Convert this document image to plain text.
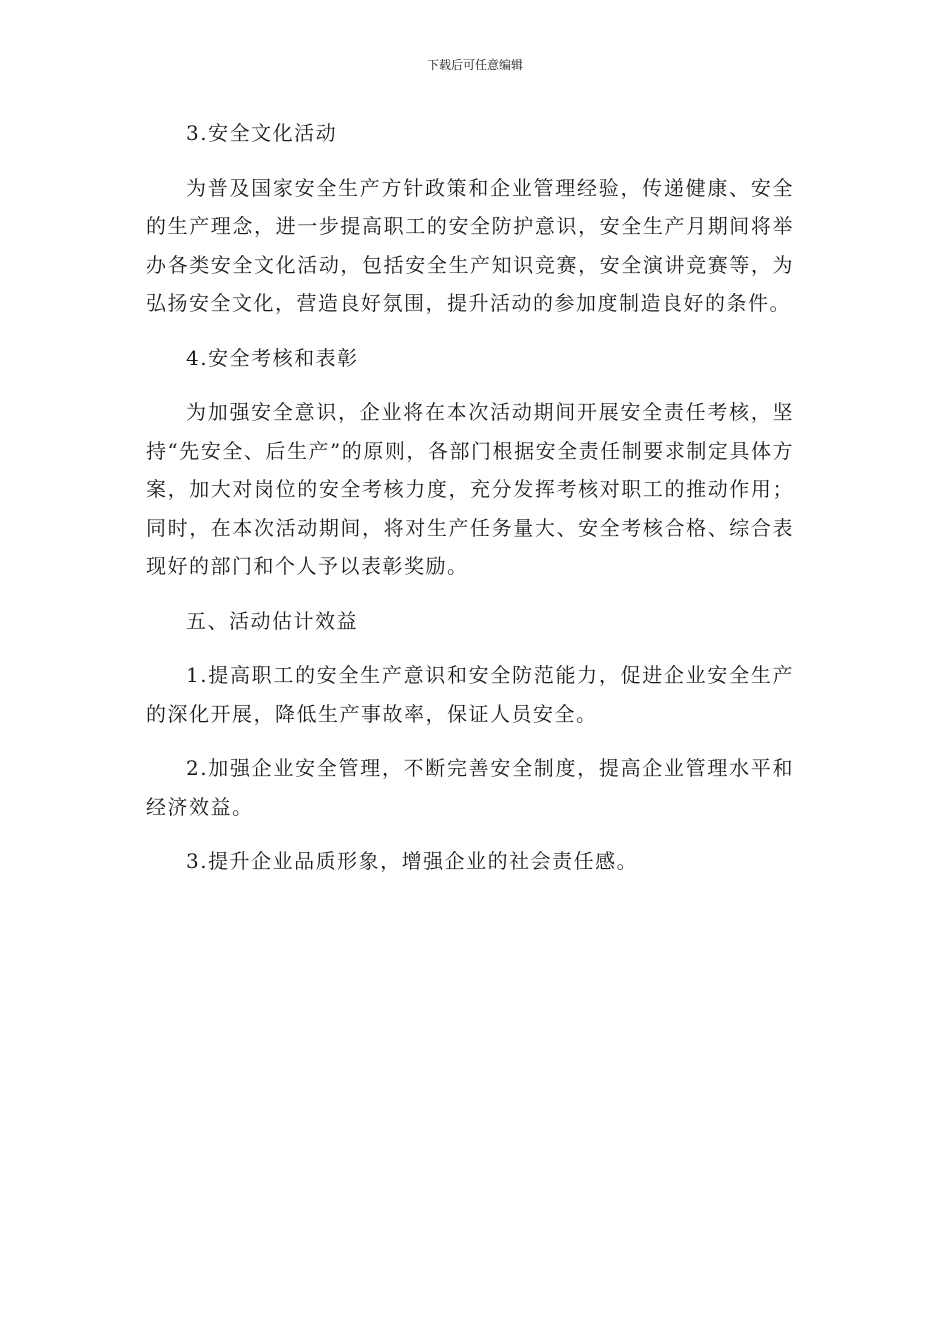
下载后可任意编辑

3.安全文化活动

为普及国家安全生产方针政策和企业管理经验，传递健康、安全的生产理念，进一步提高职工的安全防护意识，安全生产月期间将举办各类安全文化活动，包括安全生产知识竞赛，安全演讲竞赛等，为弘扬安全文化，营造良好氛围，提升活动的参加度制造良好的条件。

4.安全考核和表彰

为加强安全意识，企业将在本次活动期间开展安全责任考核，坚持“先安全、后生产”的原则，各部门根据安全责任制要求制定具体方案，加大对岗位的安全考核力度，充分发挥考核对职工的推动作用；同时，在本次活动期间，将对生产任务量大、安全考核合格、综合表现好的部门和个人予以表彰奖励。

五、活动估计效益

1.提高职工的安全生产意识和安全防范能力，促进企业安全生产的深化开展，降低生产事故率，保证人员安全。

2.加强企业安全管理，不断完善安全制度，提高企业管理水平和经济效益。

3.提升企业品质形象，增强企业的社会责任感。
